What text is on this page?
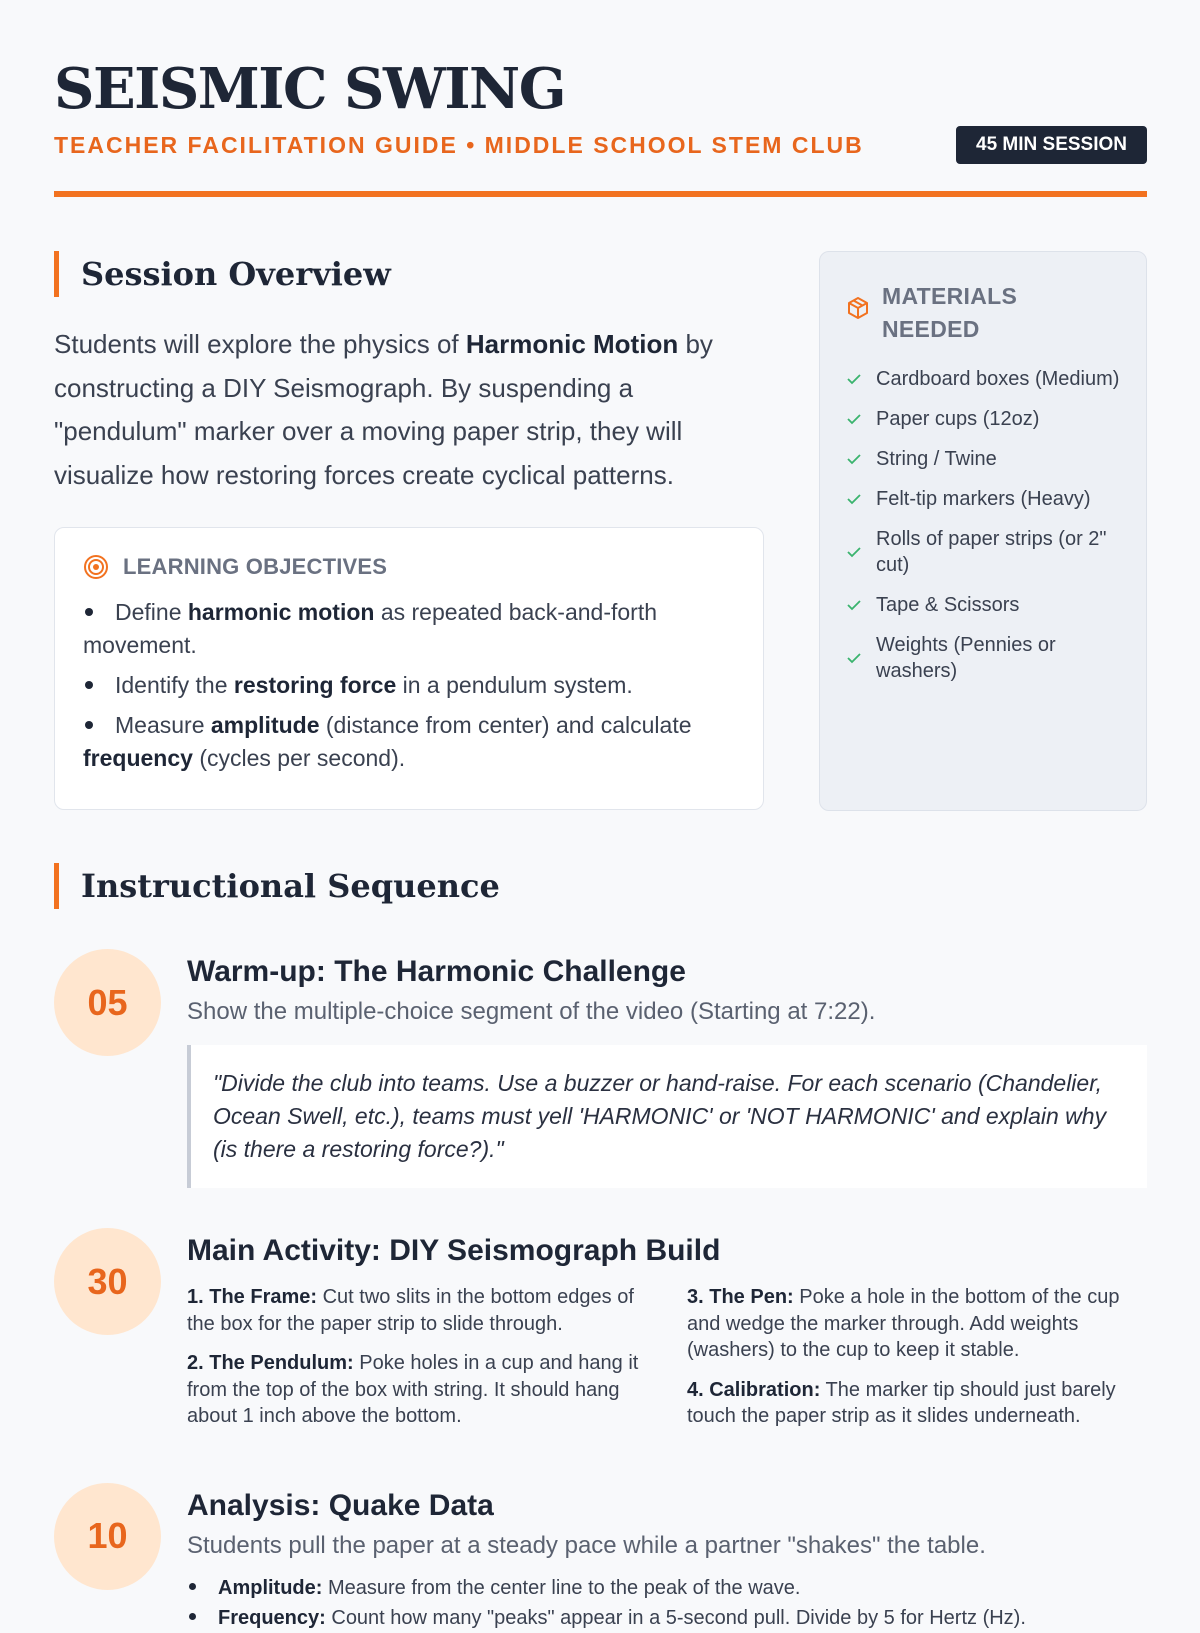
SEISMIC SWING
TEACHER FACILITATION GUIDE • MIDDLE SCHOOL STEM CLUB	45 MIN SESSION
Session Overview

Students will explore the physics of Harmonic Motion by constructing a DIY Seismograph. By suspending a "pendulum" marker over a moving paper strip, they will visualize how restoring forces create cyclical patterns.

LEARNING OBJECTIVES
Define harmonic motion as repeated back-and-forth movement.
Identify the restoring force in a pendulum system.
Measure amplitude (distance from center) and calculate frequency (cycles per second).
MATERIALS NEEDED
Cardboard boxes (Medium)
Paper cups (12oz)
String / Twine
Felt-tip markers (Heavy)
Rolls of paper strips (or 2" cut)
Tape & Scissors
Weights (Pennies or washers)
Instructional Sequence
05
Warm-up: The Harmonic Challenge
Show the multiple-choice segment of the video (Starting at 7:22).
"Divide the club into teams. Use a buzzer or hand-raise. For each scenario (Chandelier, Ocean Swell, etc.), teams must yell 'HARMONIC' or 'NOT HARMONIC' and explain why (is there a restoring force?)."
30
Main Activity: DIY Seismograph Build

1. The Frame: Cut two slits in the bottom edges of the box for the paper strip to slide through.

2. The Pendulum: Poke holes in a cup and hang it from the top of the box with string. It should hang about 1 inch above the bottom.

3. The Pen: Poke a hole in the bottom of the cup and wedge the marker through. Add weights (washers) to the cup to keep it stable.

4. Calibration: The marker tip should just barely touch the paper strip as it slides underneath.

10
Analysis: Quake Data
Students pull the paper at a steady pace while a partner "shakes" the table.
Amplitude: Measure from the center line to the peak of the wave.
Frequency: Count how many "peaks" appear in a 5-second pull. Divide by 5 for Hertz (Hz).
